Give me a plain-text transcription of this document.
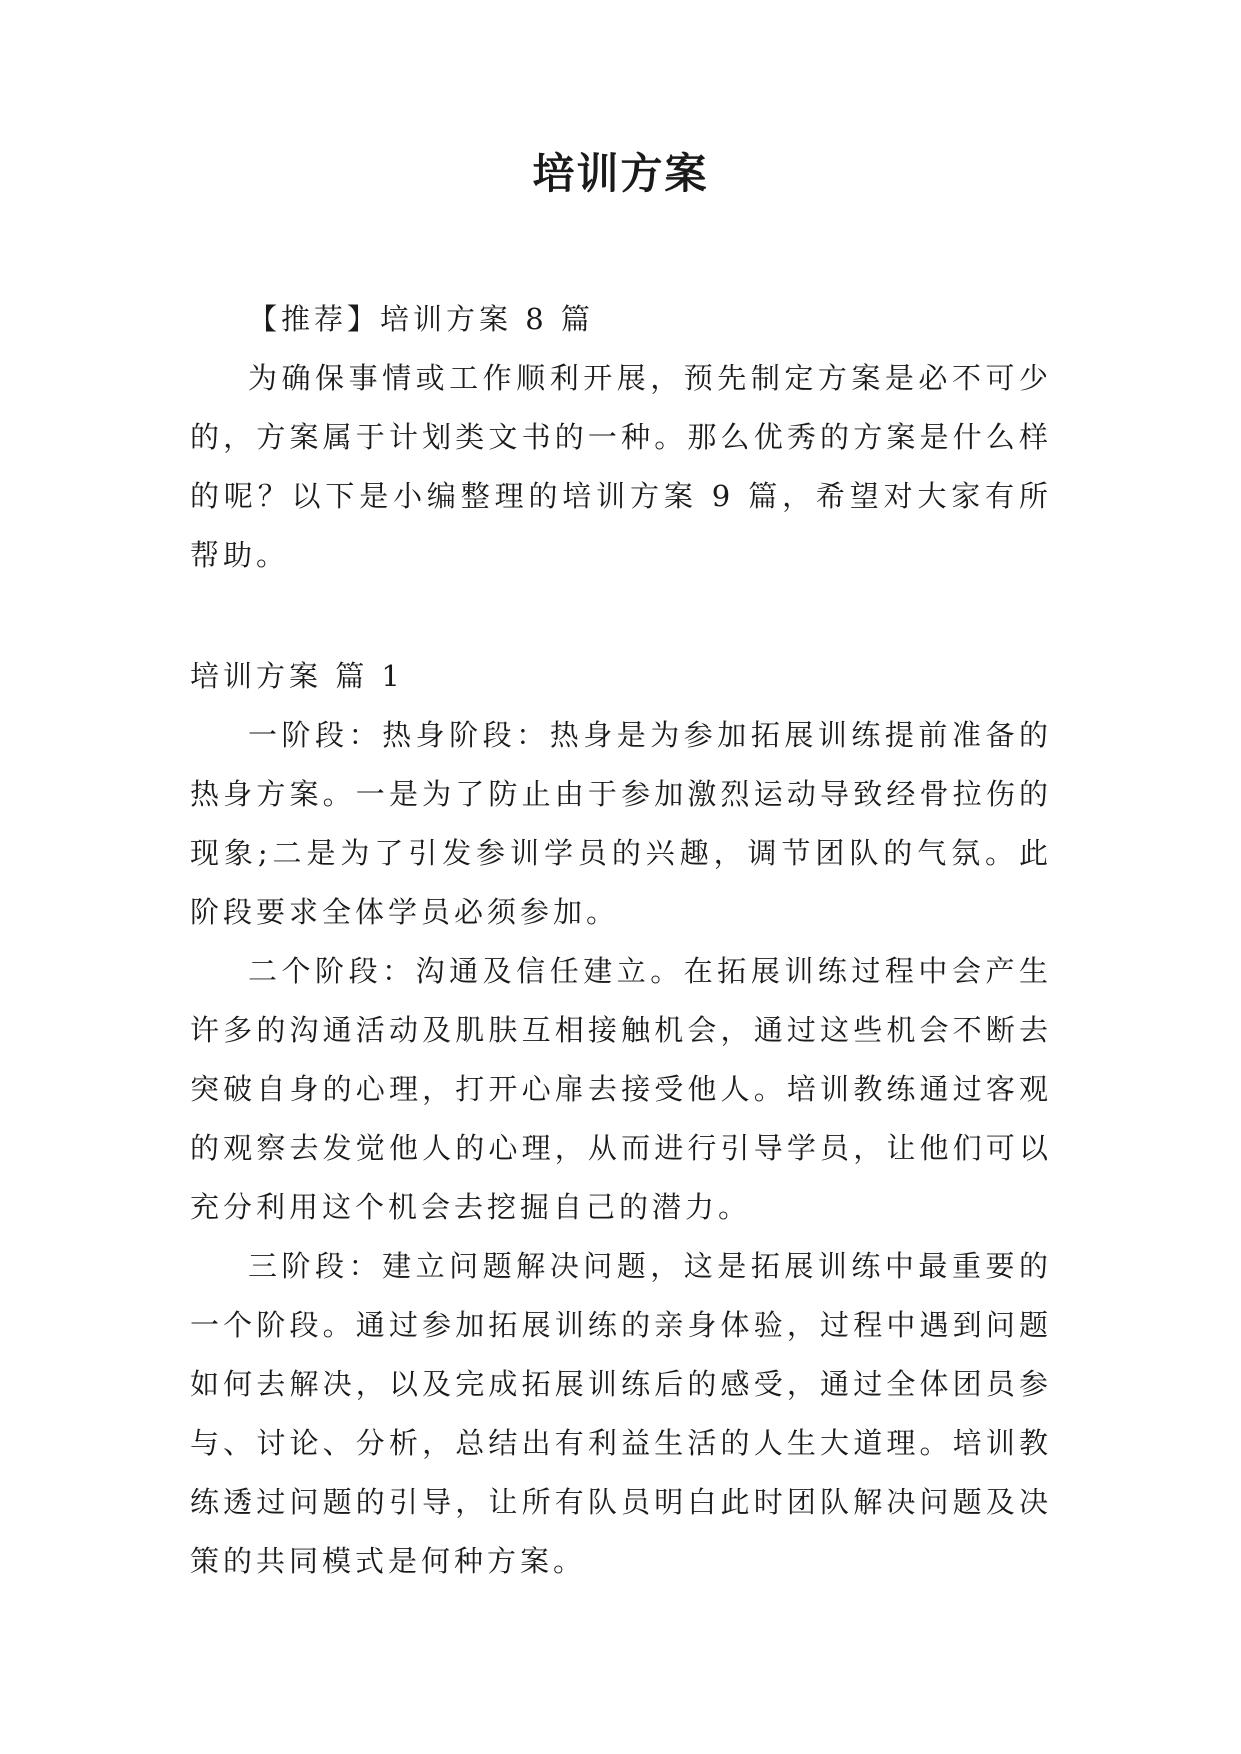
培训方案

【推荐】培训方案 8 篇

为确保事情或工作顺利开展，预先制定方案是必不可少的，方案属于计划类文书的一种。那么优秀的方案是什么样的呢？以下是小编整理的培训方案 9 篇，希望对大家有所帮助。

培训方案 篇 1

一阶段：热身阶段：热身是为参加拓展训练提前准备的热身方案。一是为了防止由于参加激烈运动导致经骨拉伤的现象;二是为了引发参训学员的兴趣，调节团队的气氛。此阶段要求全体学员必须参加。

二个阶段：沟通及信任建立。在拓展训练过程中会产生许多的沟通活动及肌肤互相接触机会，通过这些机会不断去突破自身的心理，打开心扉去接受他人。培训教练通过客观的观察去发觉他人的心理，从而进行引导学员，让他们可以充分利用这个机会去挖掘自己的潜力。

三阶段：建立问题解决问题，这是拓展训练中最重要的一个阶段。通过参加拓展训练的亲身体验，过程中遇到问题如何去解决，以及完成拓展训练后的感受，通过全体团员参与、讨论、分析，总结出有利益生活的人生大道理。培训教练透过问题的引导，让所有队员明白此时团队解决问题及决策的共同模式是何种方案。
